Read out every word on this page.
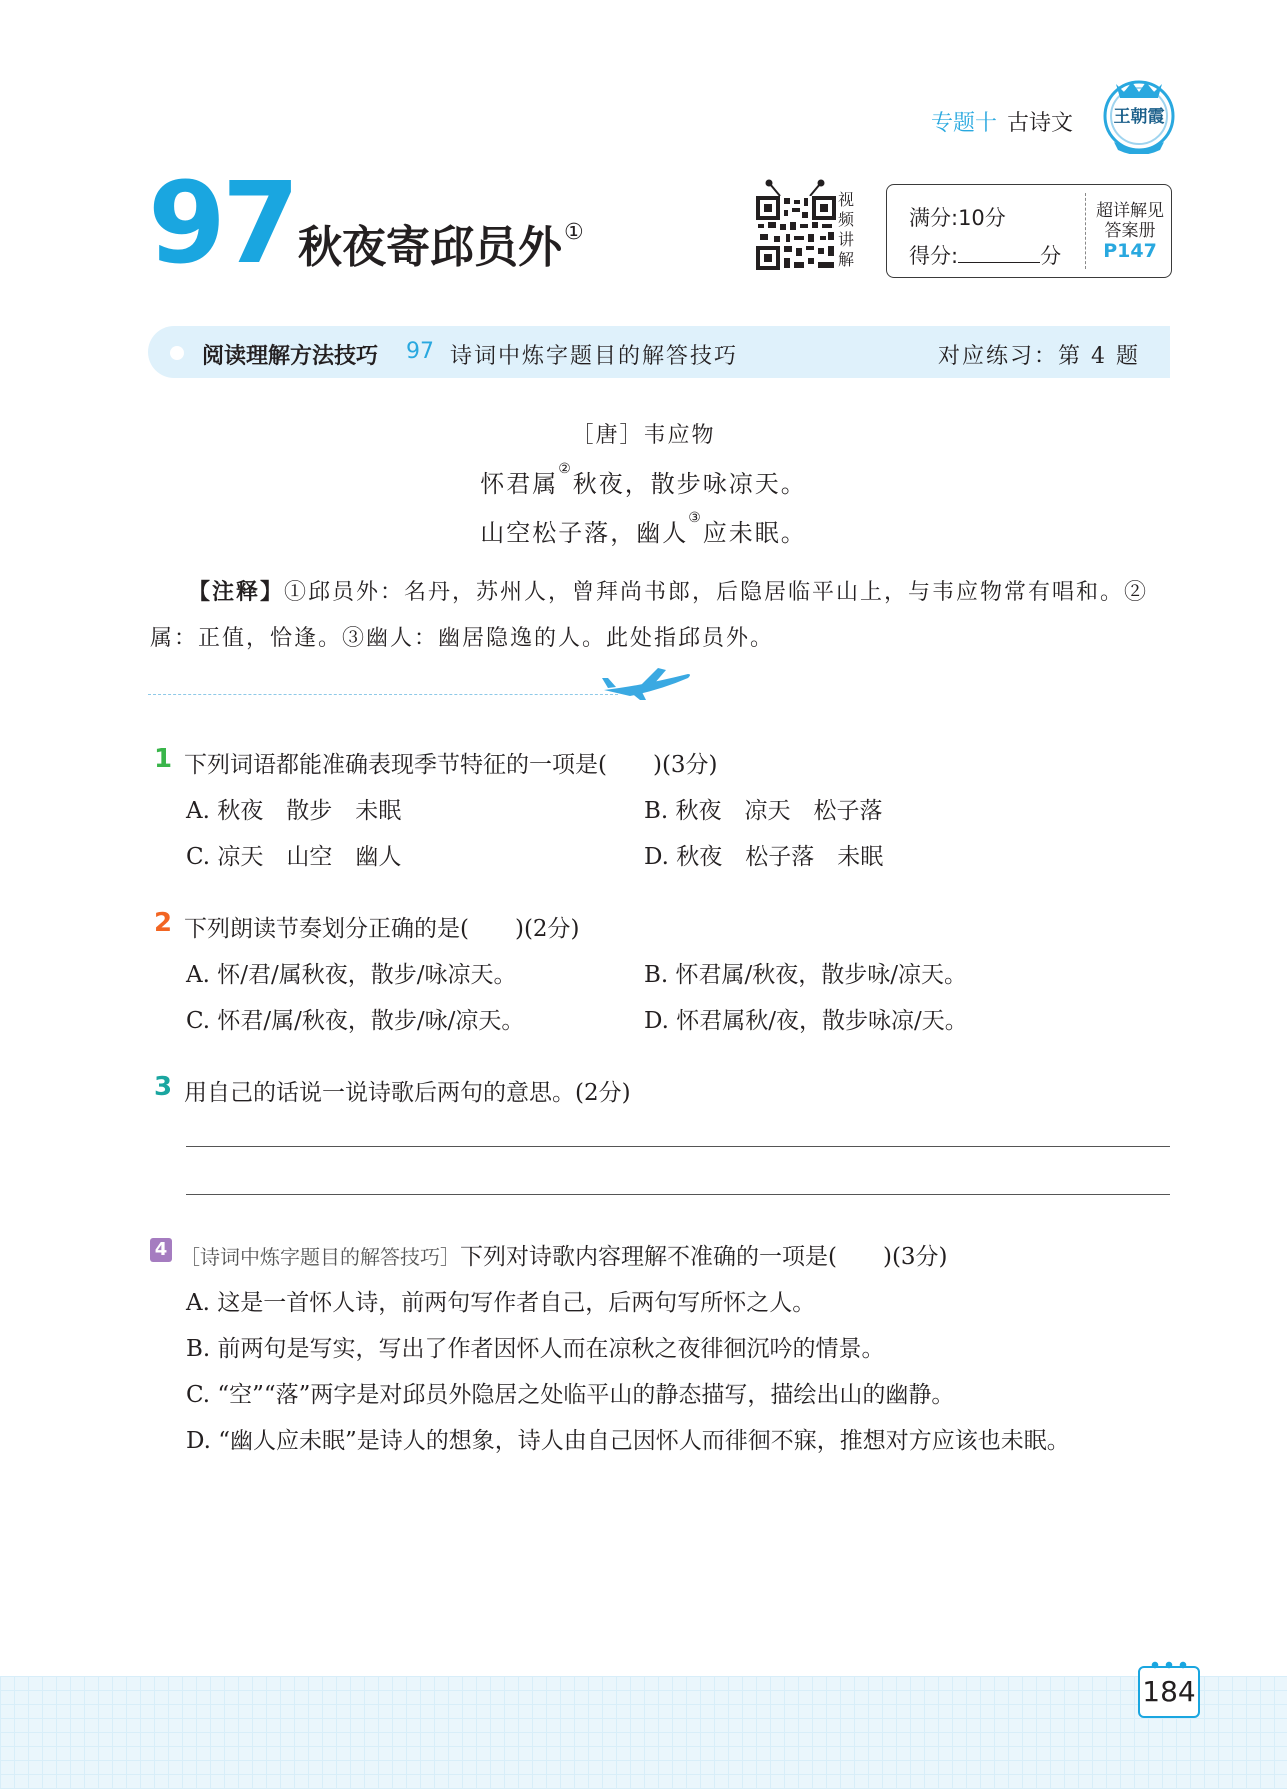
专题十 古诗文 王朝霞
97 秋夜寄邱员外①
视频讲解
满分:10分
得分:	分
超详解见
答案册
P147
阅读理解方法技巧 97 诗词中炼字题目的解答技巧	对应练习：第 4 题
［唐］韦应物
怀君属②秋夜，散步咏凉天。
山空松子落，幽人③应未眠。
【注释】①邱员外：名丹，苏州人，曾拜尚书郎，后隐居临平山上，与韦应物常有唱和。②属：正值，恰逢。③幽人：幽居隐逸的人。此处指邱员外。
1 下列词语都能准确表现季节特征的一项是(　　)(3分)
A. 秋夜　散步　未眠	B. 秋夜　凉天　松子落
C. 凉天　山空　幽人	D. 秋夜　松子落　未眠
2 下列朗读节奏划分正确的是(　　)(2分)
A. 怀/君/属秋夜，散步/咏凉天。	B. 怀君属/秋夜，散步咏/凉天。
C. 怀君/属/秋夜，散步/咏/凉天。	D. 怀君属秋/夜，散步咏凉/天。
3 用自己的话说一说诗歌后两句的意思。(2分)
4 ［诗词中炼字题目的解答技巧］下列对诗歌内容理解不准确的一项是(　　)(3分)
A. 这是一首怀人诗，前两句写作者自己，后两句写所怀之人。
B. 前两句是写实，写出了作者因怀人而在凉秋之夜徘徊沉吟的情景。
C. “空”“落”两字是对邱员外隐居之处临平山的静态描写，描绘出山的幽静。
D. “幽人应未眠”是诗人的想象，诗人由自己因怀人而徘徊不寐，推想对方应该也未眠。
184
